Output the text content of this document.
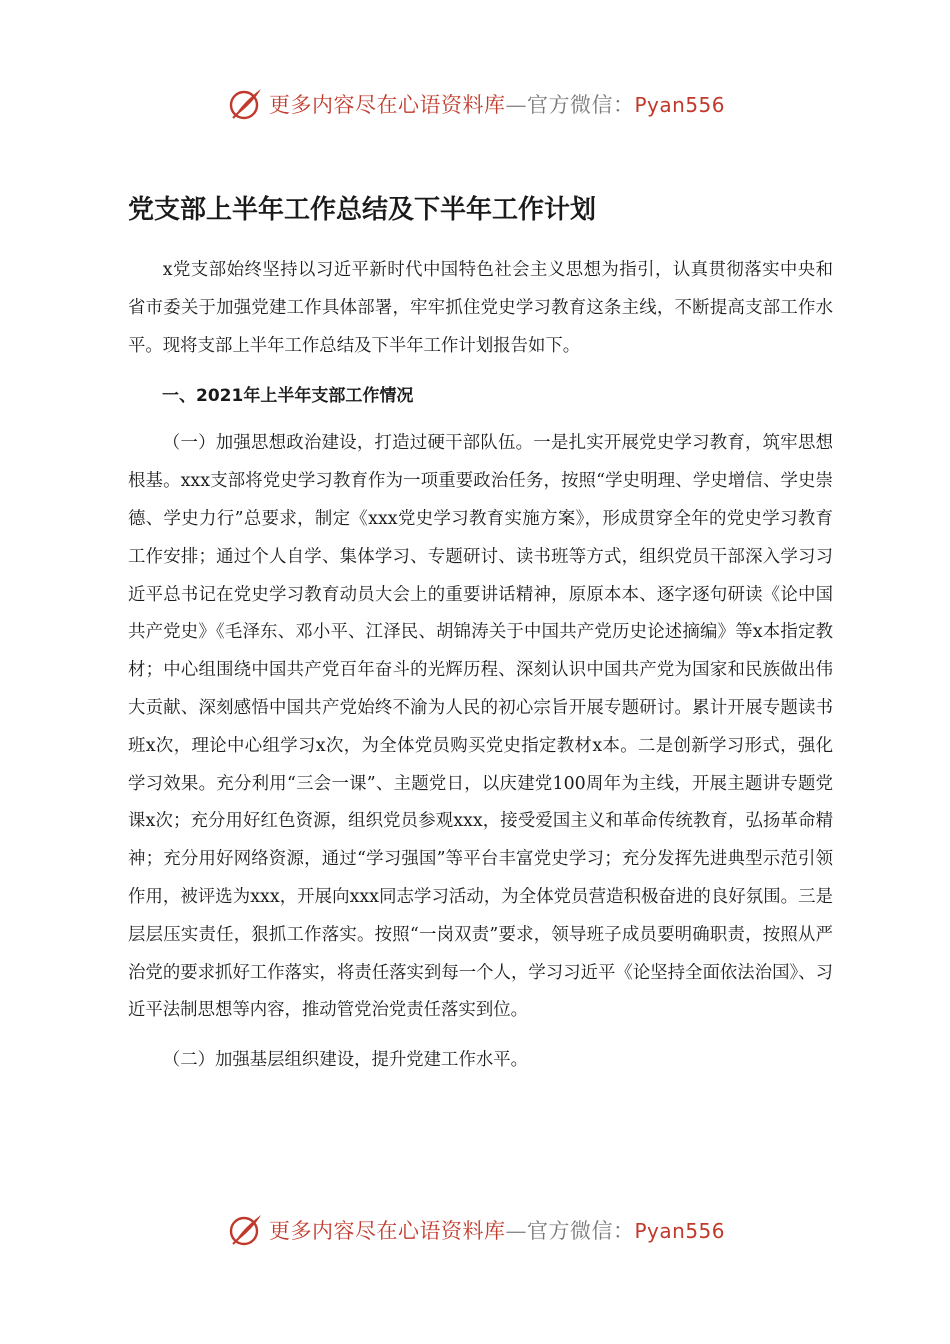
更多内容尽在心语资料库—官方微信：Pyan556
党支部上半年工作总结及下半年工作计划

x党支部始终坚持以习近平新时代中国特色社会主义思想为指引，认真贯彻落实中央和省市委关于加强党建工作具体部署，牢牢抓住党史学习教育这条主线，不断提高支部工作水平。现将支部上半年工作总结及下半年工作计划报告如下。

一、2021年上半年支部工作情况

（一）加强思想政治建设，打造过硬干部队伍。一是扎实开展党史学习教育，筑牢思想根基。xxx支部将党史学习教育作为一项重要政治任务，按照“学史明理、学史增信、学史崇德、学史力行”总要求，制定《xxx党史学习教育实施方案》，形成贯穿全年的党史学习教育工作安排；通过个人自学、集体学习、专题研讨、读书班等方式，组织党员干部深入学习习近平总书记在党史学习教育动员大会上的重要讲话精神，原原本本、逐字逐句研读《论中国共产党史》《毛泽东、邓小平、江泽民、胡锦涛关于中国共产党历史论述摘编》等x本指定教材；中心组围绕中国共产党百年奋斗的光辉历程、深刻认识中国共产党为国家和民族做出伟大贡献、深刻感悟中国共产党始终不渝为人民的初心宗旨开展专题研讨。累计开展专题读书班x次，理论中心组学习x次，为全体党员购买党史指定教材x本。二是创新学习形式，强化学习效果。充分利用“三会一课”、主题党日，以庆建党100周年为主线，开展主题讲专题党课x次；充分用好红色资源，组织党员参观xxx，接受爱国主义和革命传统教育，弘扬革命精神；充分用好网络资源，通过“学习强国”等平台丰富党史学习；充分发挥先进典型示范引领作用，被评选为xxx，开展向xxx同志学习活动，为全体党员营造积极奋进的良好氛围。三是层层压实责任，狠抓工作落实。按照“一岗双责”要求，领导班子成员要明确职责，按照从严治党的要求抓好工作落实，将责任落实到每一个人，学习习近平《论坚持全面依法治国》、习近平法制思想等内容，推动管党治党责任落实到位。

（二）加强基层组织建设，提升党建工作水平。

更多内容尽在心语资料库—官方微信：Pyan556
